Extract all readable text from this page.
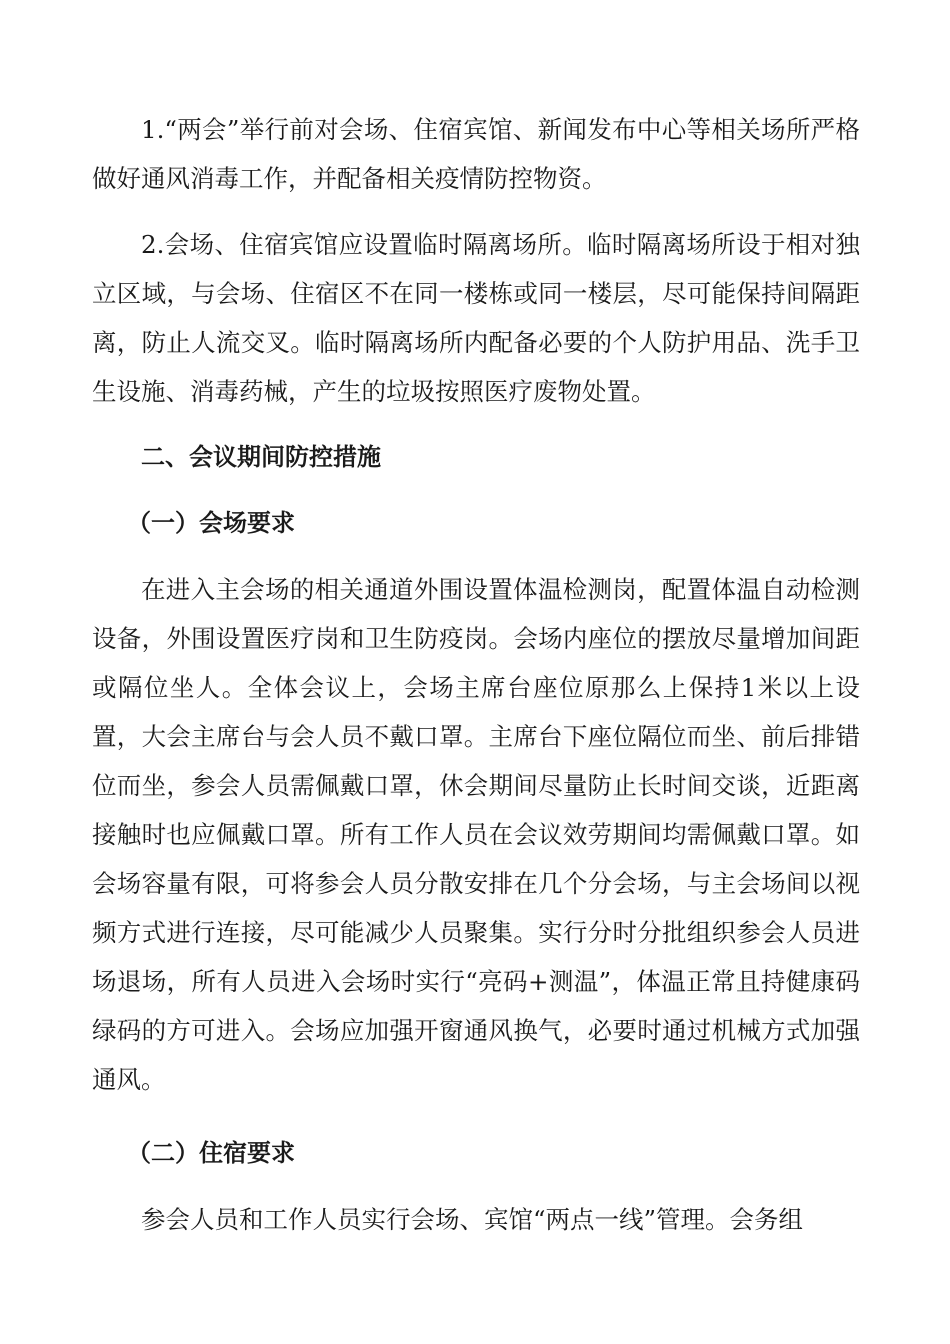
1.“两会”举行前对会场、住宿宾馆、新闻发布中心等相关场所严格做好通风消毒工作，并配备相关疫情防控物资。

2.会场、住宿宾馆应设置临时隔离场所。临时隔离场所设于相对独立区域，与会场、住宿区不在同一楼栋或同一楼层，尽可能保持间隔距离，防止人流交叉。临时隔离场所内配备必要的个人防护用品、洗手卫生设施、消毒药械，产生的垃圾按照医疗废物处置。

二、会议期间防控措施
（一）会场要求

在进入主会场的相关通道外围设置体温检测岗，配置体温自动检测设备，外围设置医疗岗和卫生防疫岗。会场内座位的摆放尽量增加间距或隔位坐人。全体会议上，会场主席台座位原那么上保持1米以上设置，大会主席台与会人员不戴口罩。主席台下座位隔位而坐、前后排错位而坐，参会人员需佩戴口罩，休会期间尽量防止长时间交谈，近距离接触时也应佩戴口罩。所有工作人员在会议效劳期间均需佩戴口罩。如会场容量有限，可将参会人员分散安排在几个分会场，与主会场间以视频方式进行连接，尽可能减少人员聚集。实行分时分批组织参会人员进场退场，所有人员进入会场时实行“亮码+测温”，体温正常且持健康码绿码的方可进入。会场应加强开窗通风换气，必要时通过机械方式加强通风。

（二）住宿要求

参会人员和工作人员实行会场、宾馆“两点一线”管理。会务组
